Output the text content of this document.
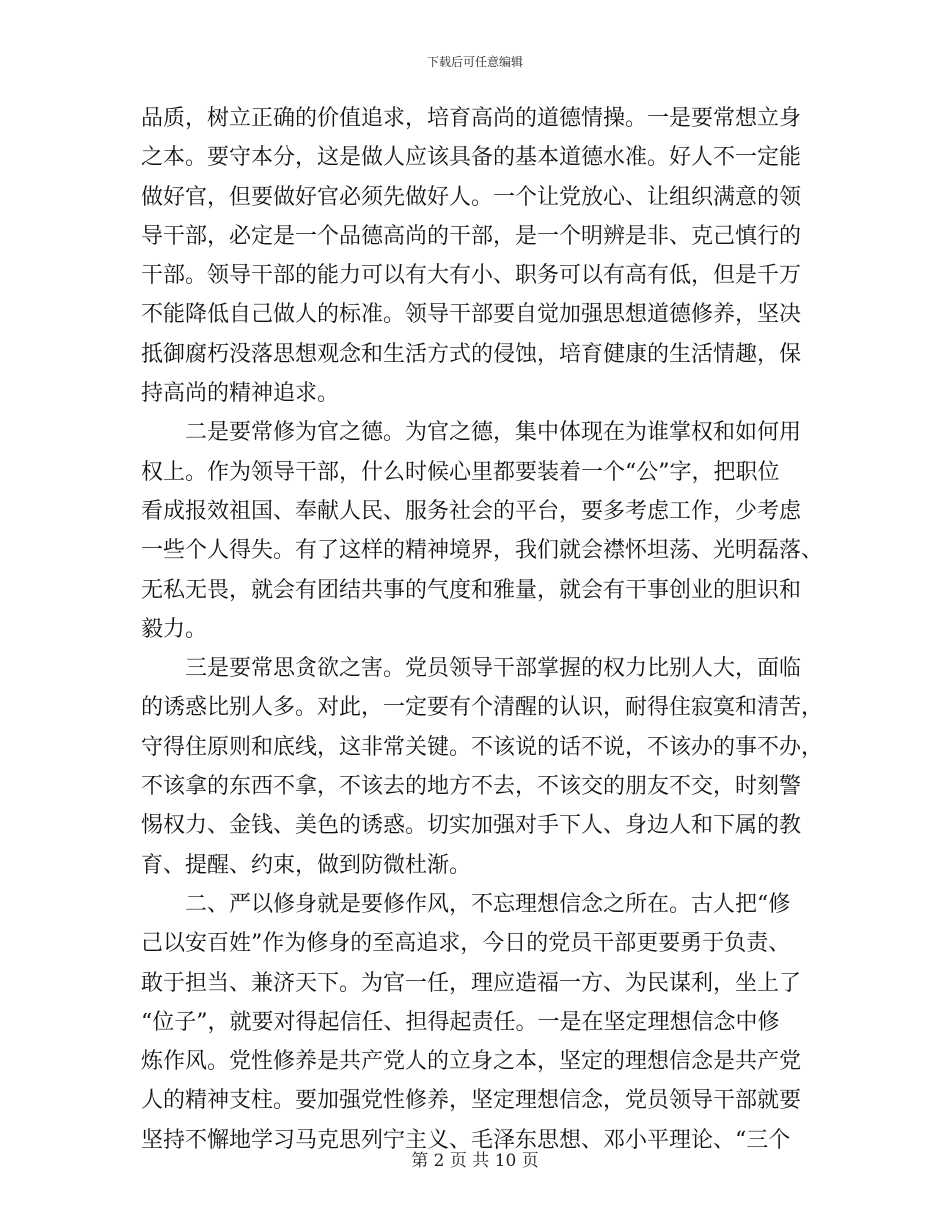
下载后可任意编辑
品质，树立正确的价值追求，培育高尚的道德情操。一是要常想立身
之本。要守本分，这是做人应该具备的基本道德水准。好人不一定能
做好官，但要做好官必须先做好人。一个让党放心、让组织满意的领
导干部，必定是一个品德高尚的干部，是一个明辨是非、克己慎行的
干部。领导干部的能力可以有大有小、职务可以有高有低，但是千万
不能降低自己做人的标准。领导干部要自觉加强思想道德修养，坚决
抵御腐朽没落思想观念和生活方式的侵蚀，培育健康的生活情趣，保
持高尚的精神追求。
　　二是要常修为官之德。为官之德，集中体现在为谁掌权和如何用
权上。作为领导干部，什么时候心里都要装着一个“公”字，把职位
看成报效祖国、奉献人民、服务社会的平台，要多考虑工作，少考虑
一些个人得失。有了这样的精神境界，我们就会襟怀坦荡、光明磊落、
无私无畏，就会有团结共事的气度和雅量，就会有干事创业的胆识和
毅力。
　　三是要常思贪欲之害。党员领导干部掌握的权力比别人大，面临
的诱惑比别人多。对此，一定要有个清醒的认识，耐得住寂寞和清苦，
守得住原则和底线，这非常关键。不该说的话不说，不该办的事不办，
不该拿的东西不拿，不该去的地方不去，不该交的朋友不交，时刻警
惕权力、金钱、美色的诱惑。切实加强对手下人、身边人和下属的教
育、提醒、约束，做到防微杜渐。
　　二、严以修身就是要修作风，不忘理想信念之所在。古人把“修
己以安百姓”作为修身的至高追求，今日的党员干部更要勇于负责、
敢于担当、兼济天下。为官一任，理应造福一方、为民谋利，坐上了
“位子”，就要对得起信任、担得起责任。一是在坚定理想信念中修
炼作风。党性修养是共产党人的立身之本，坚定的理想信念是共产党
人的精神支柱。要加强党性修养，坚定理想信念，党员领导干部就要
坚持不懈地学习马克思列宁主义、毛泽东思想、邓小平理论、“三个
第 2 页 共 10 页
